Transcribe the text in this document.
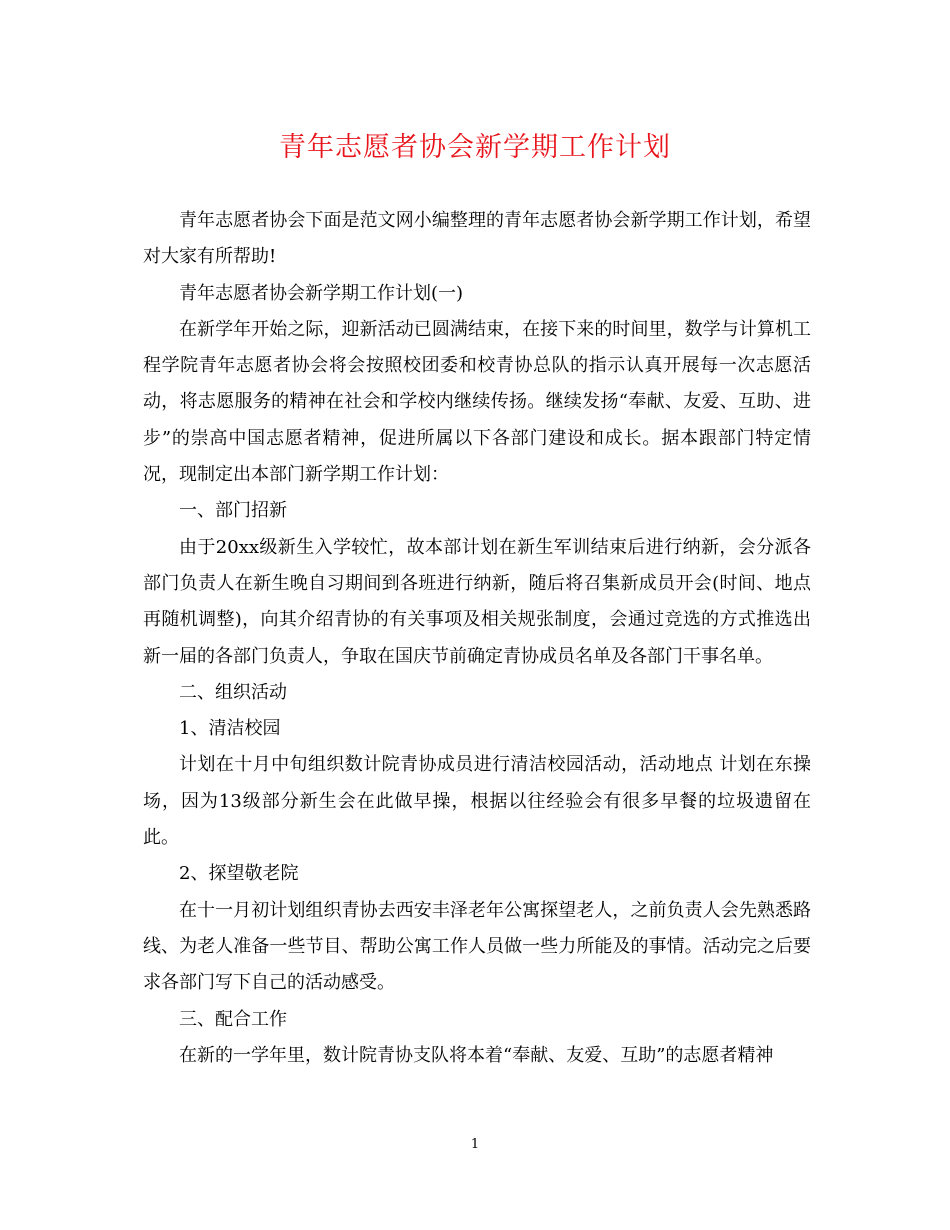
青年志愿者协会新学期工作计划

青年志愿者协会下面是范文网小编整理的青年志愿者协会新学期工作计划，希望对大家有所帮助!

青年志愿者协会新学期工作计划(一)

在新学年开始之际，迎新活动已圆满结束，在接下来的时间里，数学与计算机工程学院青年志愿者协会将会按照校团委和校青协总队的指示认真开展每一次志愿活动，将志愿服务的精神在社会和学校内继续传扬。继续发扬“奉献、友爱、互助、进步”的崇高中国志愿者精神，促进所属以下各部门建设和成长。据本跟部门特定情况，现制定出本部门新学期工作计划：

一、部门招新

由于20xx级新生入学较忙，故本部计划在新生军训结束后进行纳新，会分派各部门负责人在新生晚自习期间到各班进行纳新，随后将召集新成员开会(时间、地点再随机调整)，向其介绍青协的有关事项及相关规张制度，会通过竞选的方式推选出新一届的各部门负责人，争取在国庆节前确定青协成员名单及各部门干事名单。

二、组织活动

1、清洁校园

计划在十月中旬组织数计院青协成员进行清洁校园活动，活动地点 计划在东操场，因为13级部分新生会在此做早操，根据以往经验会有很多早餐的垃圾遗留在此。

2、探望敬老院

在十一月初计划组织青协去西安丰泽老年公寓探望老人，之前负责人会先熟悉路线、为老人准备一些节目、帮助公寓工作人员做一些力所能及的事情。活动完之后要求各部门写下自己的活动感受。

三、配合工作

在新的一学年里，数计院青协支队将本着“奉献、友爱、互助”的志愿者精神

1
